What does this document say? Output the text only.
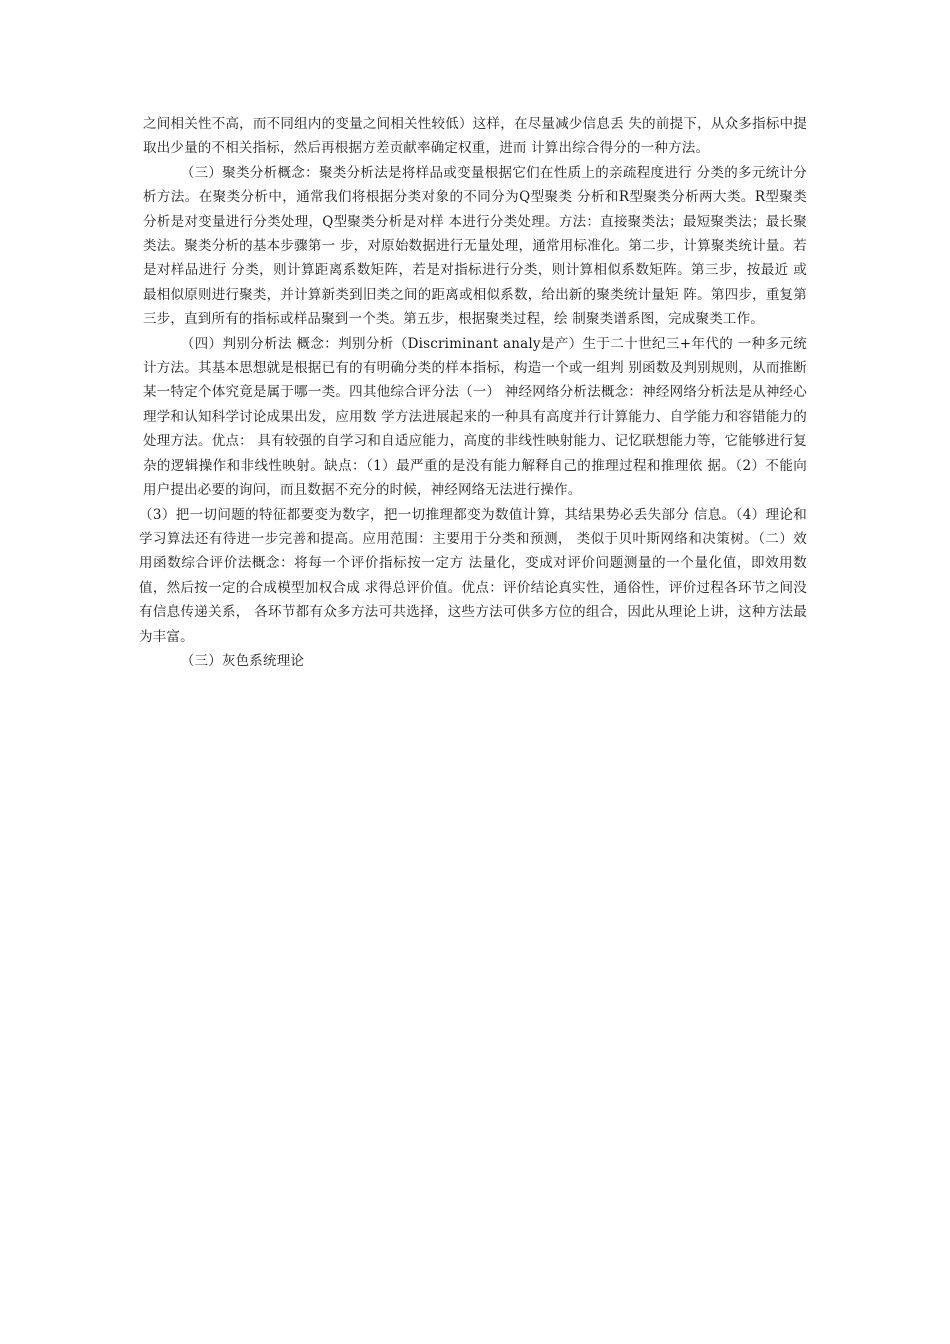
之间相关性不高，而不同组内的变量之间相关性较低）这样，在尽量减少信息丢 失的前提下，从众多指标中提取出少量的不相关指标，然后再根据方差贡献率确定权重，进而 计算出综合得分的一种方法。

（三）聚类分析概念：聚类分析法是将样品或变量根据它们在性质上的亲疏程度进行 分类的多元统计分析方法。在聚类分析中，通常我们将根据分类对象的不同分为Q型聚类 分析和R型聚类分析两大类。R型聚类分析是对变量进行分类处理，Q型聚类分析是对样 本进行分类处理。方法：直接聚类法；最短聚类法；最长聚类法。聚类分析的基本步骤第一 步，对原始数据进行无量处理，通常用标准化。第二步，计算聚类统计量。若是对样品进行 分类，则计算距离系数矩阵，若是对指标进行分类，则计算相似系数矩阵。第三步，按最近 或最相似原则进行聚类，并计算新类到旧类之间的距离或相似系数，给出新的聚类统计量矩 阵。第四步，重复第三步，直到所有的指标或样品聚到一个类。第五步，根据聚类过程，绘 制聚类谱系图，完成聚类工作。

（四）判别分析法 概念：判别分析（Discriminant analy是产）生于二十世纪三+年代的 一种多元统计方法。其基本思想就是根据已有的有明确分类的样本指标，构造一个或一组判 别函数及判别规则，从而推断某一特定个体究竟是属于哪一类。四其他综合评分法（一） 神经网络分析法概念：神经网络分析法是从神经心理学和认知科学讨论成果出发，应用数 学方法进展起来的一种具有高度并行计算能力、自学能力和容错能力的处理方法。优点： 具有较强的自学习和自适应能力，高度的非线性映射能力、记忆联想能力等，它能够进行复 杂的逻辑操作和非线性映射。缺点：（1）最严重的是没有能力解释自己的推理过程和推理依 据。（2）不能向用户提出必要的询问，而且数据不充分的时候，神经网络无法进行操作。

（3）把一切问题的特征都要变为数字，把一切推理都变为数值计算，其结果势必丢失部分 信息。（4）理论和学习算法还有待进一步完善和提高。应用范围：主要用于分类和预测， 类似于贝叶斯网络和决策树。（二）效用函数综合评价法概念：将每一个评价指标按一定方 法量化，变成对评价问题测量的一个量化值，即效用数值，然后按一定的合成模型加权合成 求得总评价值。优点：评价结论真实性，通俗性，评价过程各环节之间没有信息传递关系， 各环节都有众多方法可共选择，这些方法可供多方位的组合，因此从理论上讲，这种方法最 为丰富。

（三）灰色系统理论
